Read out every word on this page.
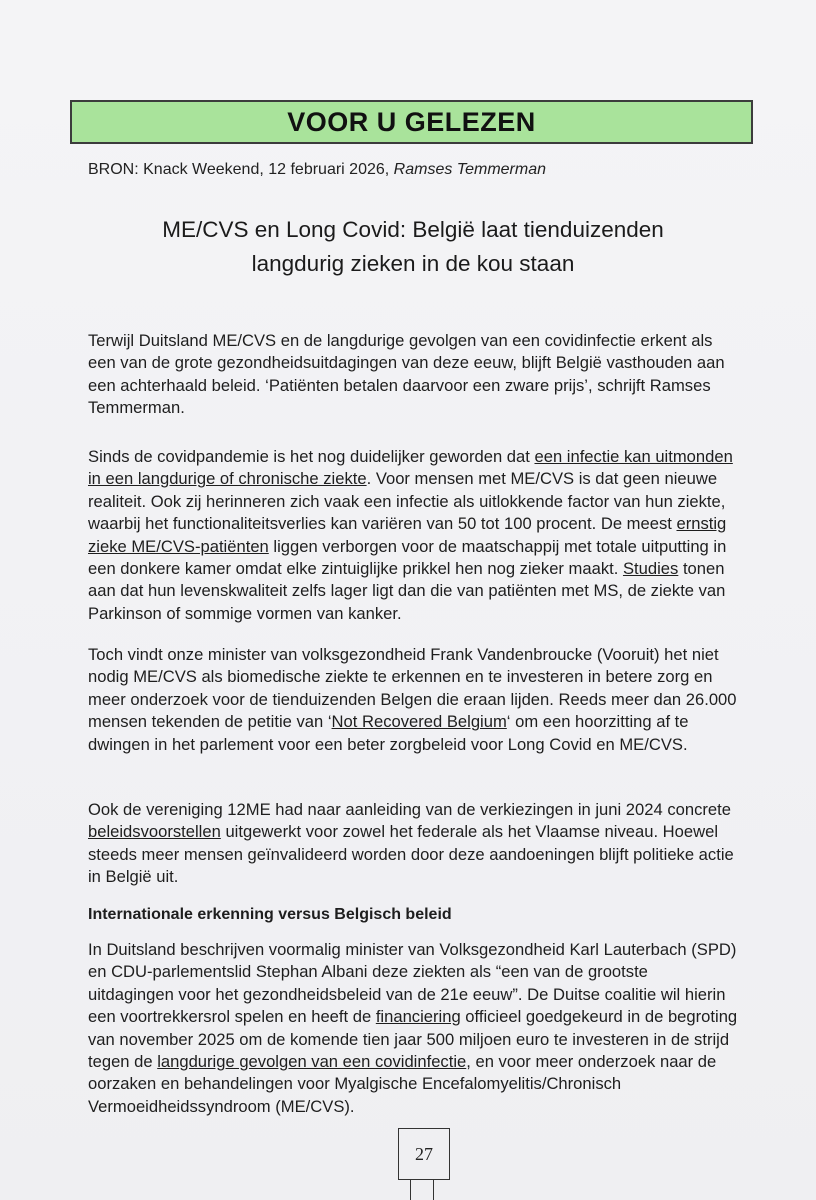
VOOR U GELEZEN
BRON: Knack Weekend, 12 februari 2026, Ramses Temmerman
ME/CVS en Long Covid: België laat tienduizenden
langdurig zieken in de kou staan
Terwijl Duitsland ME/CVS en de langdurige gevolgen van een covidinfectie erkent als een van de grote gezondheidsuitdagingen van deze eeuw, blijft België vasthouden aan een achterhaald beleid. ‘Patiënten betalen daarvoor een zware prijs’, schrijft Ramses Temmerman.
Sinds de covidpandemie is het nog duidelijker geworden dat een infectie kan uitmonden in een langdurige of chronische ziekte. Voor mensen met ME/CVS is dat geen nieuwe realiteit. Ook zij herinneren zich vaak een infectie als uitlokkende factor van hun ziekte, waarbij het functionaliteitsverlies kan variëren van 50 tot 100 procent. De meest ernstig zieke ME/CVS-patiënten liggen verborgen voor de maatschappij met totale uitputting in een donkere kamer omdat elke zintuiglijke prikkel hen nog zieker maakt. Studies tonen aan dat hun levenskwaliteit zelfs lager ligt dan die van patiënten met MS, de ziekte van Parkinson of sommige vormen van kanker.
Toch vindt onze minister van volksgezondheid Frank Vandenbroucke (Vooruit) het niet nodig ME/CVS als biomedische ziekte te erkennen en te investeren in betere zorg en meer onderzoek voor de tienduizenden Belgen die eraan lijden. Reeds meer dan 26.000 mensen tekenden de petitie van ‘Not Recovered Belgium‘ om een hoorzitting af te dwingen in het parlement voor een beter zorgbeleid voor Long Covid en ME/CVS.
Ook de vereniging 12ME had naar aanleiding van de verkiezingen in juni 2024 concrete beleidsvoorstellen uitgewerkt voor zowel het federale als het Vlaamse niveau. Hoewel steeds meer mensen geïnvalideerd worden door deze aandoeningen blijft politieke actie in België uit.
Internationale erkenning versus Belgisch beleid
In Duitsland beschrijven voormalig minister van Volksgezondheid Karl Lauterbach (SPD) en CDU-parlementslid Stephan Albani deze ziekten als “een van de grootste uitdagingen voor het gezondheidsbeleid van de 21e eeuw”. De Duitse coalitie wil hierin een voortrekkersrol spelen en heeft de financiering officieel goedgekeurd in de begroting van november 2025 om de komende tien jaar 500 miljoen euro te investeren in de strijd tegen de langdurige gevolgen van een covidinfectie, en voor meer onderzoek naar de oorzaken en behandelingen voor Myalgische Encefalomyelitis/Chronisch Vermoeidheidssyndroom (ME/CVS).
27
